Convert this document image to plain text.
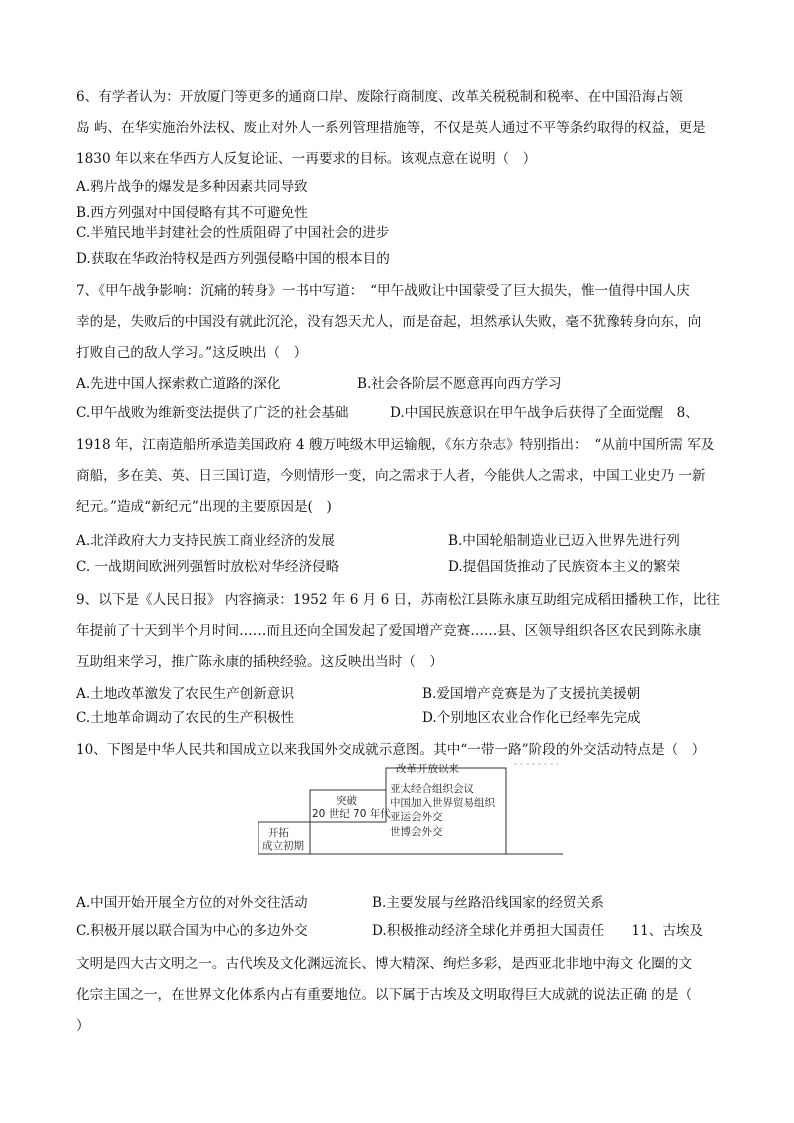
6、有学者认为：开放厦门等更多的通商口岸、废除行商制度、改革关税税制和税率、在中国沿海占领
岛 屿、在华实施治外法权、废止对外人一系列管理措施等，不仅是英人通过不平等条约取得的权益，更是
1830 年以来在华西方人反复论证、一再要求的目标。该观点意在说明（　）
A.鸦片战争的爆发是多种因素共同导致
B.西方列强对中国侵略有其不可避免性
C.半殖民地半封建社会的性质阻碍了中国社会的进步
D.获取在华政治特权是西方列强侵略中国的根本目的
7、《甲午战争影响：沉痛的转身》一书中写道：　“甲午战败让中国蒙受了巨大损失，惟一值得中国人庆
幸的是，失败后的中国没有就此沉沦，没有怨天尤人，而是奋起，坦然承认失败，毫不犹豫转身向东，向
打败自己的敌人学习。”这反映出（　）
A.先进中国人探索救亡道路的深化	B.社会各阶层不愿意再向西方学习
C.甲午战败为维新变法提供了广泛的社会基础	D.中国民族意识在甲午战争后获得了全面觉醒　8、
1918 年，江南造船所承造美国政府 4 艘万吨级木甲运输舰，《东方杂志》特别指出：　“从前中国所需 军及
商船，多在美、英、日三国订造，今则情形一变，向之需求于人者，今能供人之需求，中国工业史乃 一新
纪元。”造成“新纪元”出现的主要原因是(　)
A.北洋政府大力支持民族工商业经济的发展	B.中国轮船制造业已迈入世界先进行列
C. 一战期间欧洲列强暂时放松对华经济侵略	D.提倡国货推动了民族资本主义的繁荣
9、以下是《人民日报》 内容摘录：1952 年 6 月 6 日，苏南松江县陈永康互助组完成稻田播秧工作，比往
年提前了十天到半个月时间……而且还向全国发起了爱国增产竞赛……县、区领导组织各区农民到陈永康
互助组来学习，推广陈永康的插秧经验。这反映出当时（　）
A.土地改革激发了农民生产创新意识	B.爱国增产竞赛是为了支援抗美援朝
C.土地革命调动了农民的生产积极性	D.个别地区农业合作化已经率先完成
10、下图是中华人民共和国成立以来我国外交成就示意图。其中“一带一路”阶段的外交活动特点是（　）
改革开放以来
突破
20 世纪 70 年代
开拓
成立初期
亚太经合组织会议
中国加入世界贸易组织
亚运会外交
世博会外交
A.中国开始开展全方位的对外交往活动	B.主要发展与丝路沿线国家的经贸关系
C.积极开展以联合国为中心的多边外交	D.积极推动经济全球化并勇担大国责任　　11、古埃及
文明是四大古文明之一。古代埃及文化渊远流长、博大精深、绚烂多彩，是西亚北非地中海文 化圈的文
化宗主国之一，在世界文化体系内占有重要地位。以下属于古埃及文明取得巨大成就的说法正确 的是（
）
